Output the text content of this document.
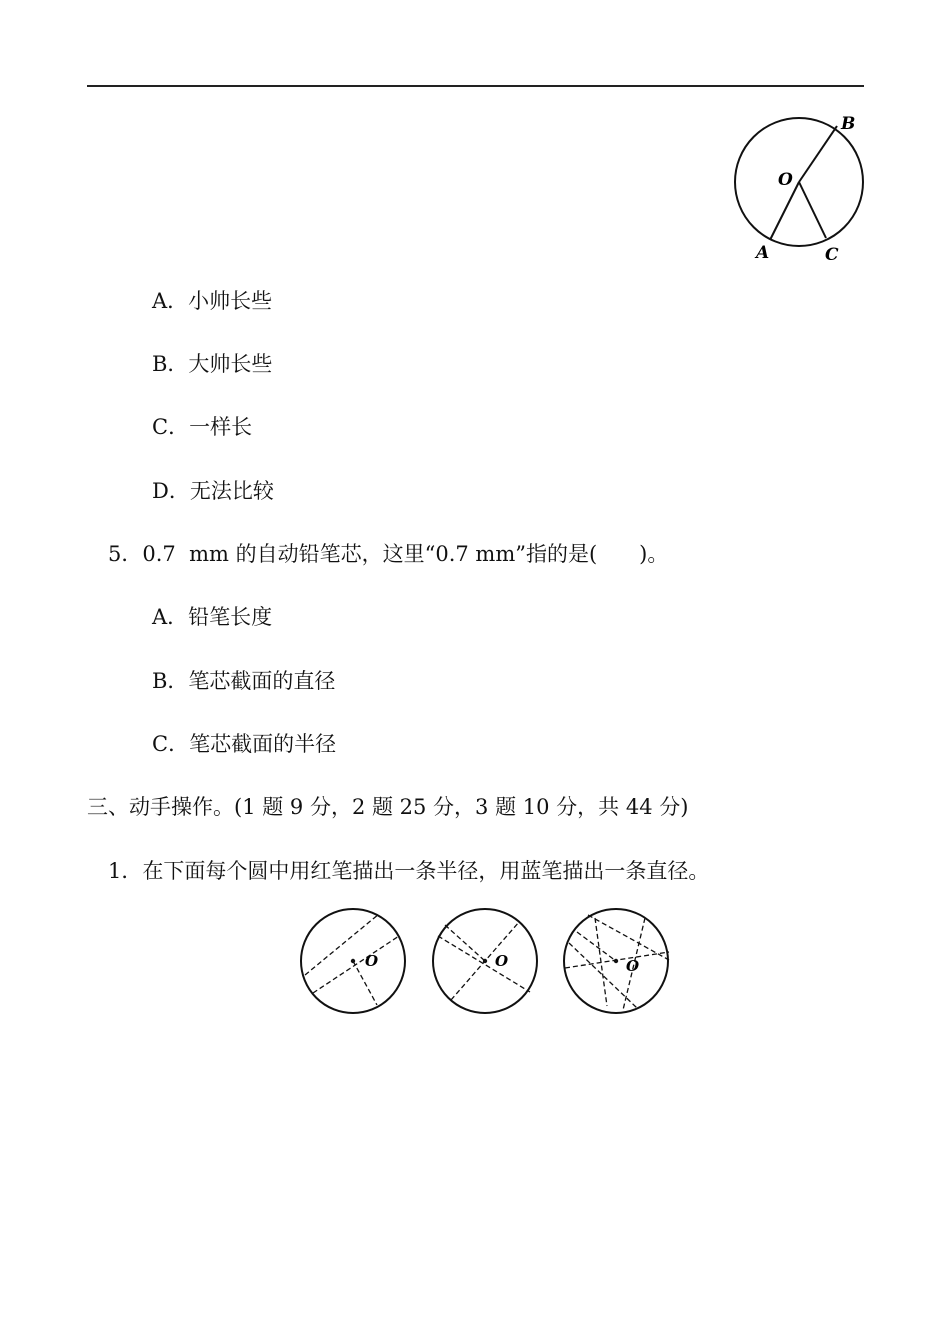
O
B
A	C
A．小帅长些
B．大帅长些
C．一样长
D．无法比较
5．0.7  mm 的自动铅笔芯，这里“0.7 mm”指的是(　　)。
A．铅笔长度
B．笔芯截面的直径
C．笔芯截面的半径
三、动手操作。(1 题 9 分，2 题 25 分，3 题 10 分，共 44 分)
1．在下面每个圆中用红笔描出一条半径，用蓝笔描出一条直径。
O	O	O
